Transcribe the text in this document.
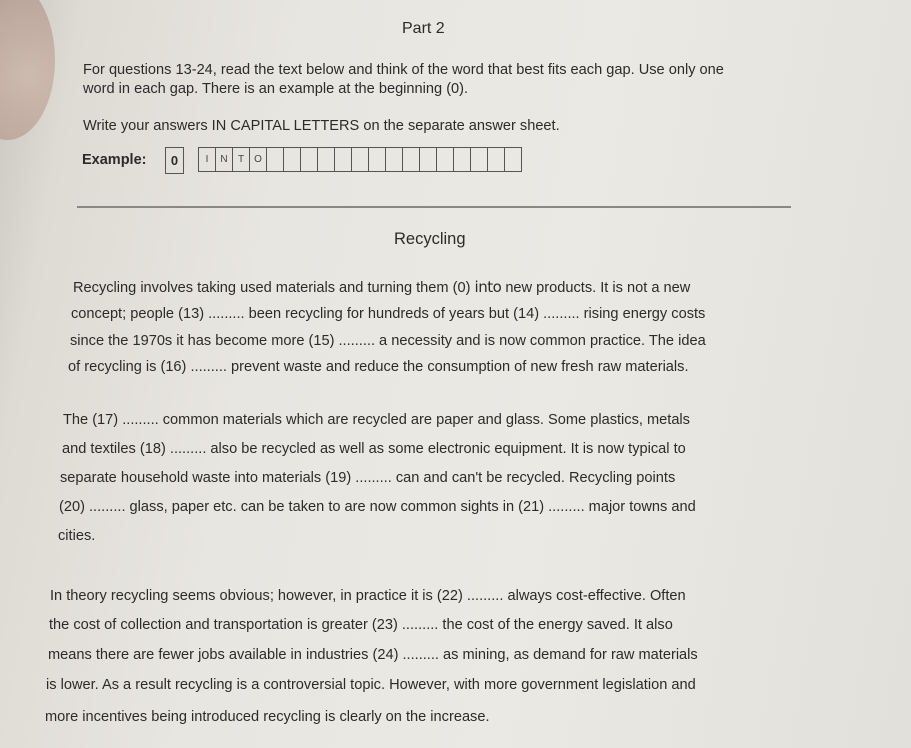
Part 2
For questions 13-24, read the text below and think of the word that best fits each gap. Use only one
word in each gap. There is an example at the beginning (0).
Write your answers IN CAPITAL LETTERS on the separate answer sheet.
Example:	0	I	N	T	O
Recycling
Recycling involves taking used materials and turning them (0) into new products. It is not a new
concept; people (13) ......... been recycling for hundreds of years but (14) ......... rising energy costs
since the 1970s it has become more (15) ......... a necessity and is now common practice. The idea
of recycling is (16) ......... prevent waste and reduce the consumption of new fresh raw materials.
The (17) ......... common materials which are recycled are paper and glass. Some plastics, metals
and textiles (18) ......... also be recycled as well as some electronic equipment. It is now typical to
separate household waste into materials (19) ......... can and can't be recycled. Recycling points
(20) ......... glass, paper etc. can be taken to are now common sights in (21) ......... major towns and
cities.
In theory recycling seems obvious; however, in practice it is (22) ......... always cost-effective. Often
the cost of collection and transportation is greater (23) ......... the cost of the energy saved. It also
means there are fewer jobs available in industries (24) ......... as mining, as demand for raw materials
is lower. As a result recycling is a controversial topic. However, with more government legislation and
more incentives being introduced recycling is clearly on the increase.
